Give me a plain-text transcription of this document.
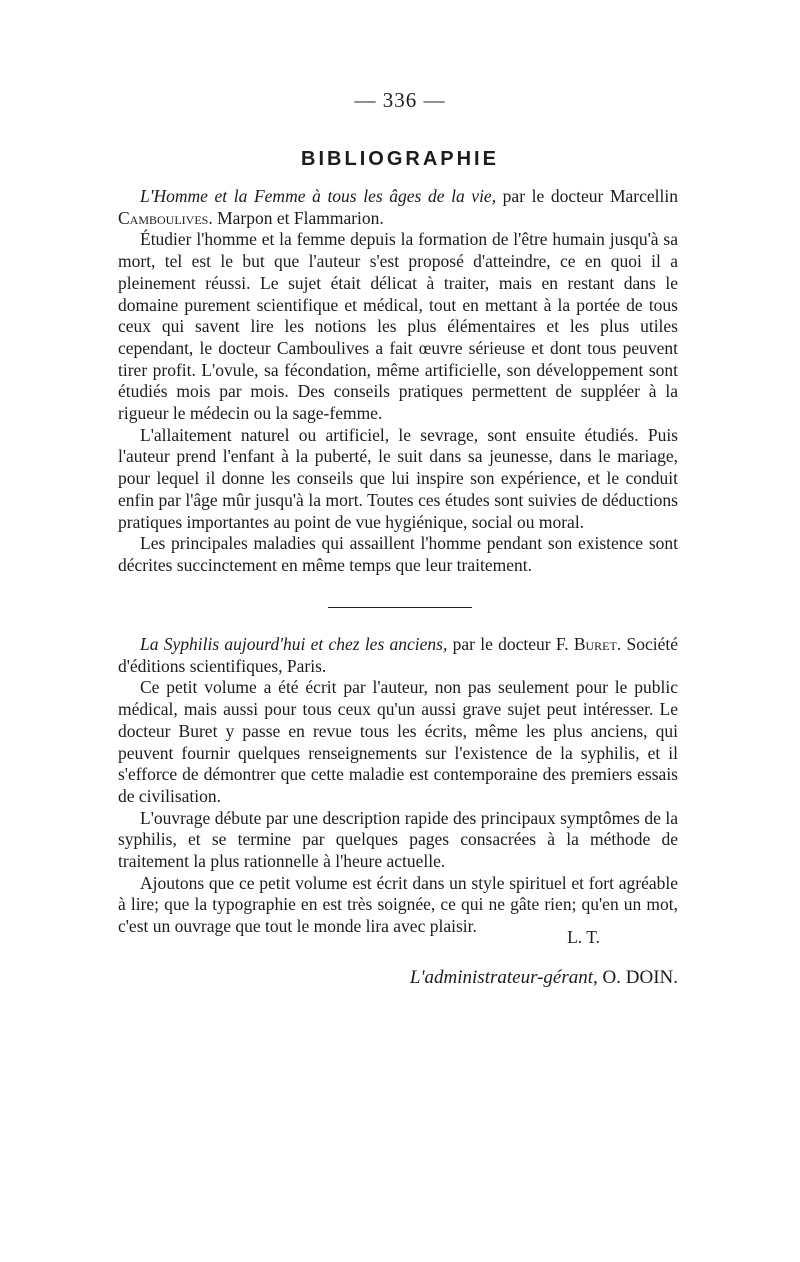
— 336 —
BIBLIOGRAPHIE

L'Homme et la Femme à tous les âges de la vie, par le docteur Marcellin Camboulives. Marpon et Flammarion.

Étudier l'homme et la femme depuis la formation de l'être humain jusqu'à sa mort, tel est le but que l'auteur s'est proposé d'atteindre, ce en quoi il a pleinement réussi. Le sujet était délicat à traiter, mais en restant dans le domaine purement scientifique et médical, tout en mettant à la portée de tous ceux qui savent lire les notions les plus élémentaires et les plus utiles cependant, le docteur Camboulives a fait œuvre sérieuse et dont tous peuvent tirer profit. L'ovule, sa fécondation, même artificielle, son développement sont étudiés mois par mois. Des conseils pratiques permettent de suppléer à la rigueur le médecin ou la sage-femme.

L'allaitement naturel ou artificiel, le sevrage, sont ensuite étudiés. Puis l'auteur prend l'enfant à la puberté, le suit dans sa jeunesse, dans le mariage, pour lequel il donne les conseils que lui inspire son expérience, et le conduit enfin par l'âge mûr jusqu'à la mort. Toutes ces études sont suivies de déductions pratiques importantes au point de vue hygiénique, social ou moral.

Les principales maladies qui assaillent l'homme pendant son existence sont décrites succinctement en même temps que leur traitement.

La Syphilis aujourd'hui et chez les anciens, par le docteur F. Buret. Société d'éditions scientifiques, Paris.

Ce petit volume a été écrit par l'auteur, non pas seulement pour le public médical, mais aussi pour tous ceux qu'un aussi grave sujet peut intéresser. Le docteur Buret y passe en revue tous les écrits, même les plus anciens, qui peuvent fournir quelques renseignements sur l'existence de la syphilis, et il s'efforce de démontrer que cette maladie est contemporaine des premiers essais de civilisation.

L'ouvrage débute par une description rapide des principaux symptômes de la syphilis, et se termine par quelques pages consacrées à la méthode de traitement la plus rationnelle à l'heure actuelle.

Ajoutons que ce petit volume est écrit dans un style spirituel et fort agréable à lire; que la typographie en est très soignée, ce qui ne gâte rien; qu'en un mot, c'est un ouvrage que tout le monde lira avec plaisir.

L. T.
L'administrateur-gérant, O. DOIN.
